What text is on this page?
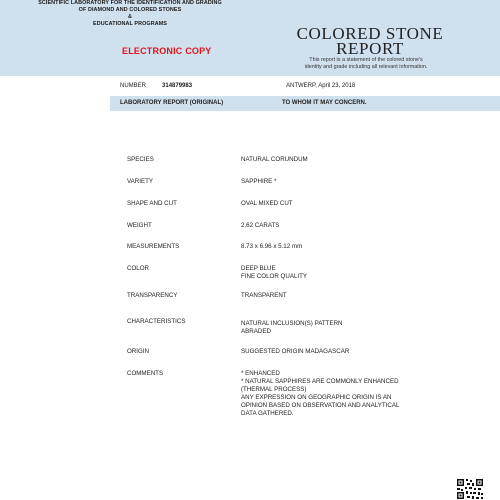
SCIENTIFIC LABORATORY FOR THE IDENTIFICATION AND GRADING
OF DIAMOND AND COLORED STONES
&
EDUCATIONAL PROGRAMS
ELECTRONIC COPY
COLORED STONE
REPORT
This report is a statement of the colored stone's
identity and grade including all relevant information.
NUMBER	314879983	ANTWERP, April 23, 2018
LABORATORY REPORT (ORIGINAL)	TO WHOM IT MAY CONCERN.
SPECIES	NATURAL CORUNDUM
VARIETY	SAPPHIRE *
SHAPE AND CUT	OVAL MIXED CUT
WEIGHT	2.62 CARATS
MEASUREMENTS	8.73 x 6.96 x 5.12 mm
COLOR	DEEP BLUE
FINE COLOR QUALITY
TRANSPARENCY	TRANSPARENT
CHARACTERISTICS	NATURAL INCLUSION(S) PATTERN
ABRADED
ORIGIN	SUGGESTED ORIGIN MADAGASCAR
COMMENTS	* ENHANCED
* NATURAL SAPPHIRES ARE COMMONLY ENHANCED
(THERMAL PROCESS)
ANY EXPRESSION ON GEOGRAPHIC ORIGIN IS AN
OPINION BASED ON OBSERVATION AND ANALYTICAL
DATA GATHERED.
